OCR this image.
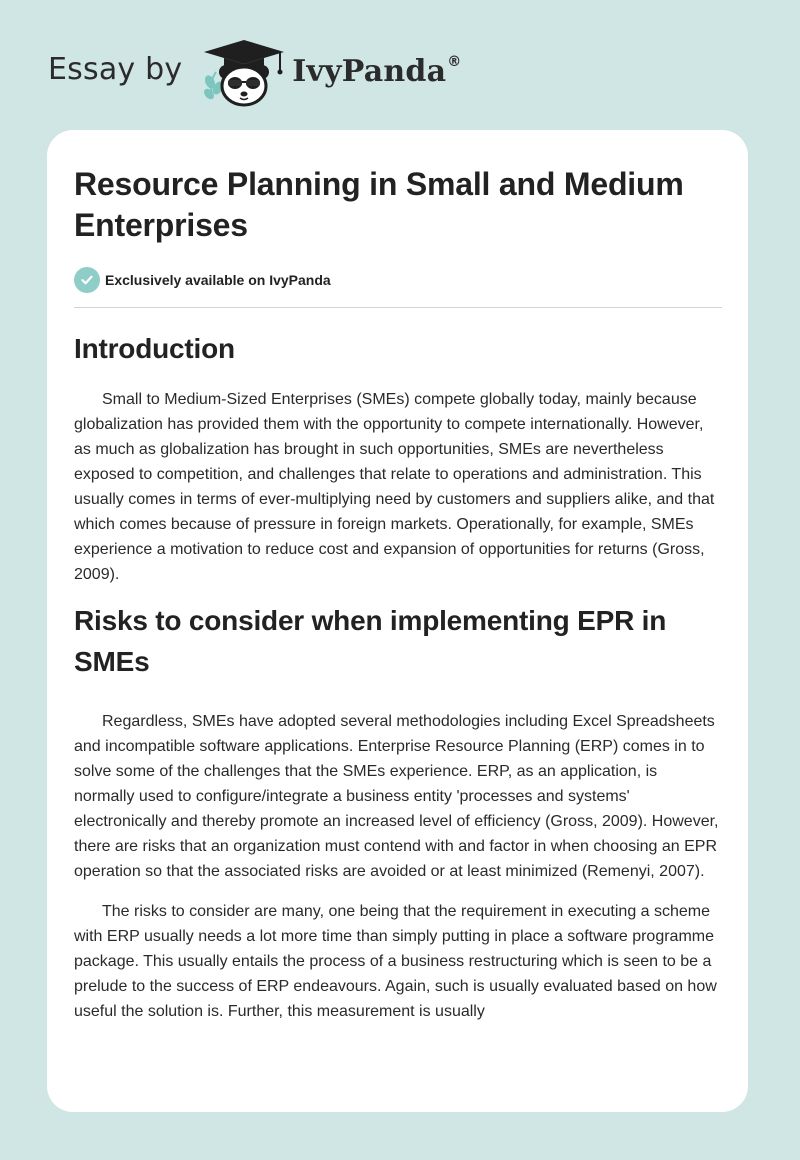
Essay by	IvyPanda®
Resource Planning in Small and Medium Enterprises
Exclusively available on IvyPanda
Introduction

Small to Medium-Sized Enterprises (SMEs) compete globally today, mainly because globalization has provided them with the opportunity to compete internationally. However, as much as globalization has brought in such opportunities, SMEs are nevertheless exposed to competition, and challenges that relate to operations and administration. This usually comes in terms of ever-multiplying need by customers and suppliers alike, and that which comes because of pressure in foreign markets. Operationally, for example, SMEs experience a motivation to reduce cost and expansion of opportunities for returns (Gross, 2009).

Risks to consider when implementing EPR in SMEs

Regardless, SMEs have adopted several methodologies including Excel Spreadsheets and incompatible software applications. Enterprise Resource Planning (ERP) comes in to solve some of the challenges that the SMEs experience. ERP, as an application, is normally used to configure/integrate a business entity 'processes and systems' electronically and thereby promote an increased level of efficiency (Gross, 2009). However, there are risks that an organization must contend with and factor in when choosing an EPR operation so that the associated risks are avoided or at least minimized (Remenyi, 2007).

The risks to consider are many, one being that the requirement in executing a scheme with ERP usually needs a lot more time than simply putting in place a software programme package. This usually entails the process of a business restructuring which is seen to be a prelude to the success of ERP endeavours. Again, such is usually evaluated based on how useful the solution is. Further, this measurement is usually
